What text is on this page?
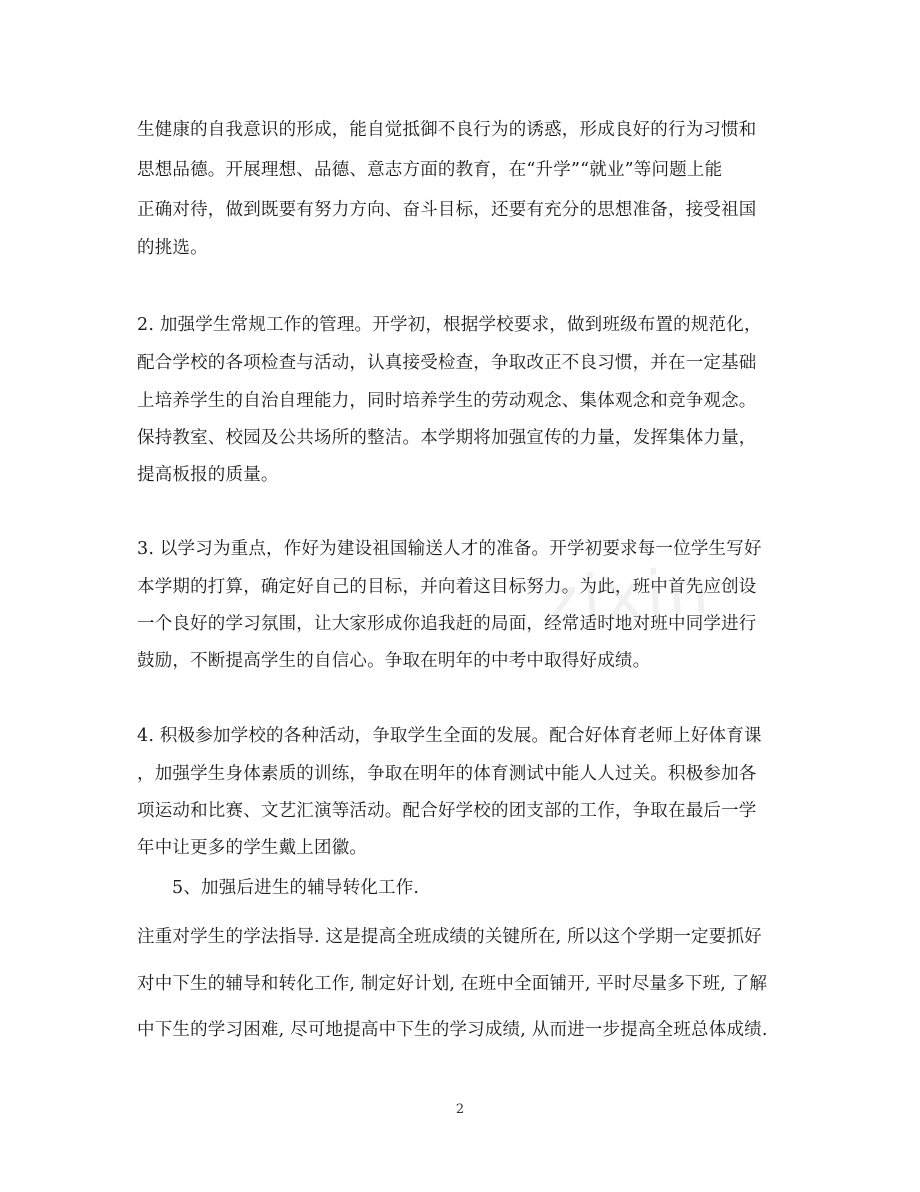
生健康的自我意识的形成，能自觉抵御不良行为的诱惑，形成良好的行为习惯和
思想品德。开展理想、品德、意志方面的教育，在“升学”“就业”等问题上能
正确对待，做到既要有努力方向、奋斗目标，还要有充分的思想准备，接受祖国
的挑选。
2. 加强学生常规工作的管理。开学初，根据学校要求，做到班级布置的规范化，
配合学校的各项检查与活动，认真接受检查，争取改正不良习惯，并在一定基础
上培养学生的自治自理能力，同时培养学生的劳动观念、集体观念和竞争观念。
保持教室、校园及公共场所的整洁。本学期将加强宣传的力量，发挥集体力量，
提高板报的质量。
3. 以学习为重点，作好为建设祖国输送人才的准备。开学初要求每一位学生写好
本学期的打算，确定好自己的目标，并向着这目标努力。为此，班中首先应创设
一个良好的学习氛围，让大家形成你追我赶的局面，经常适时地对班中同学进行
鼓励，不断提高学生的自信心。争取在明年的中考中取得好成绩。
4. 积极参加学校的各种活动，争取学生全面的发展。配合好体育老师上好体育课
，加强学生身体素质的训练，争取在明年的体育测试中能人人过关。积极参加各
项运动和比赛、文艺汇演等活动。配合好学校的团支部的工作，争取在最后一学
年中让更多的学生戴上团徽。
5、加强后进生的辅导转化工作.
注重对学生的学法指导. 这是提高全班成绩的关键所在, 所以这个学期一定要抓好
对中下生的辅导和转化工作, 制定好计划, 在班中全面铺开, 平时尽量多下班, 了解
中下生的学习困难, 尽可地提高中下生的学习成绩, 从而进一步提高全班总体成绩.
zixin
2
